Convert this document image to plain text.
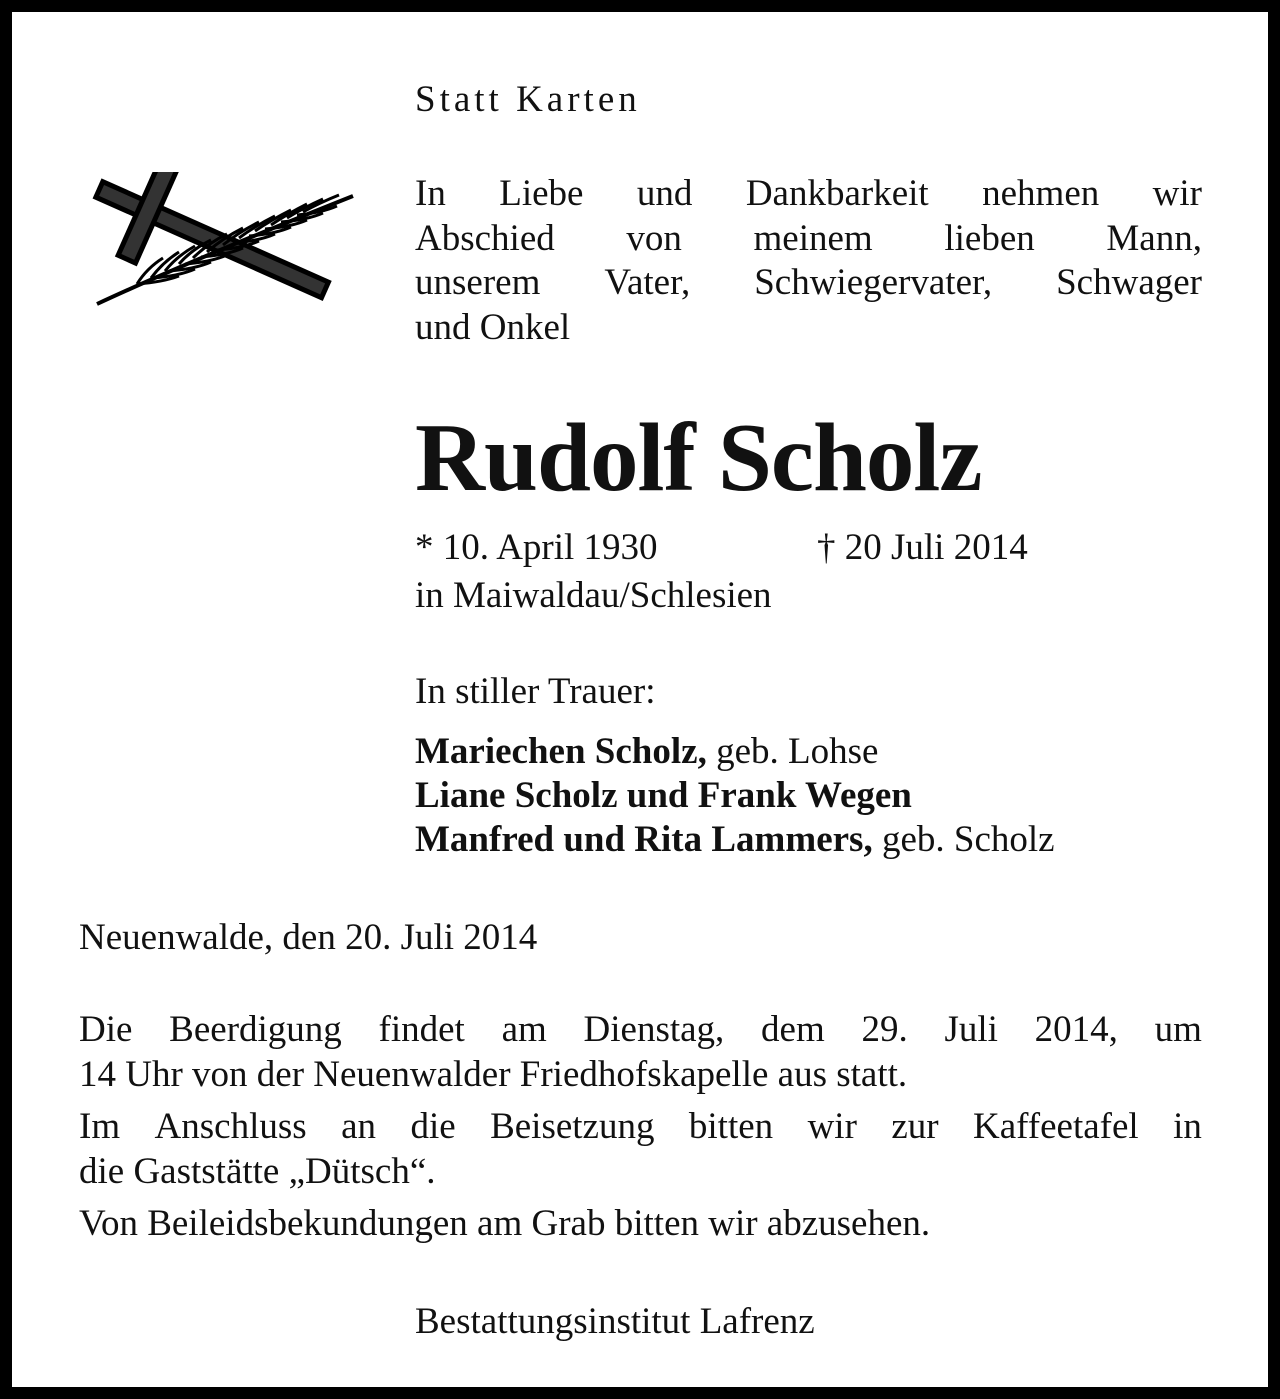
Statt Karten
In Liebe und Dankbarkeit nehmen wir
Abschied von meinem lieben Mann,
unserem Vater, Schwiegervater, Schwager
und Onkel
Rudolf Scholz
* 10. April 1930	† 20 Juli 2014
in Maiwaldau/Schlesien
In stiller Trauer:
Mariechen Scholz, geb. Lohse
Liane Scholz und Frank Wegen
Manfred und Rita Lammers, geb. Scholz
Neuenwalde, den 20. Juli 2014
Die Beerdigung findet am Dienstag, dem 29. Juli 2014, um
14 Uhr von der Neuenwalder Friedhofskapelle aus statt.
Im Anschluss an die Beisetzung bitten wir zur Kaffeetafel in
die Gaststätte „Dütsch“.
Von Beileidsbekundungen am Grab bitten wir abzusehen.
Bestattungsinstitut Lafrenz
